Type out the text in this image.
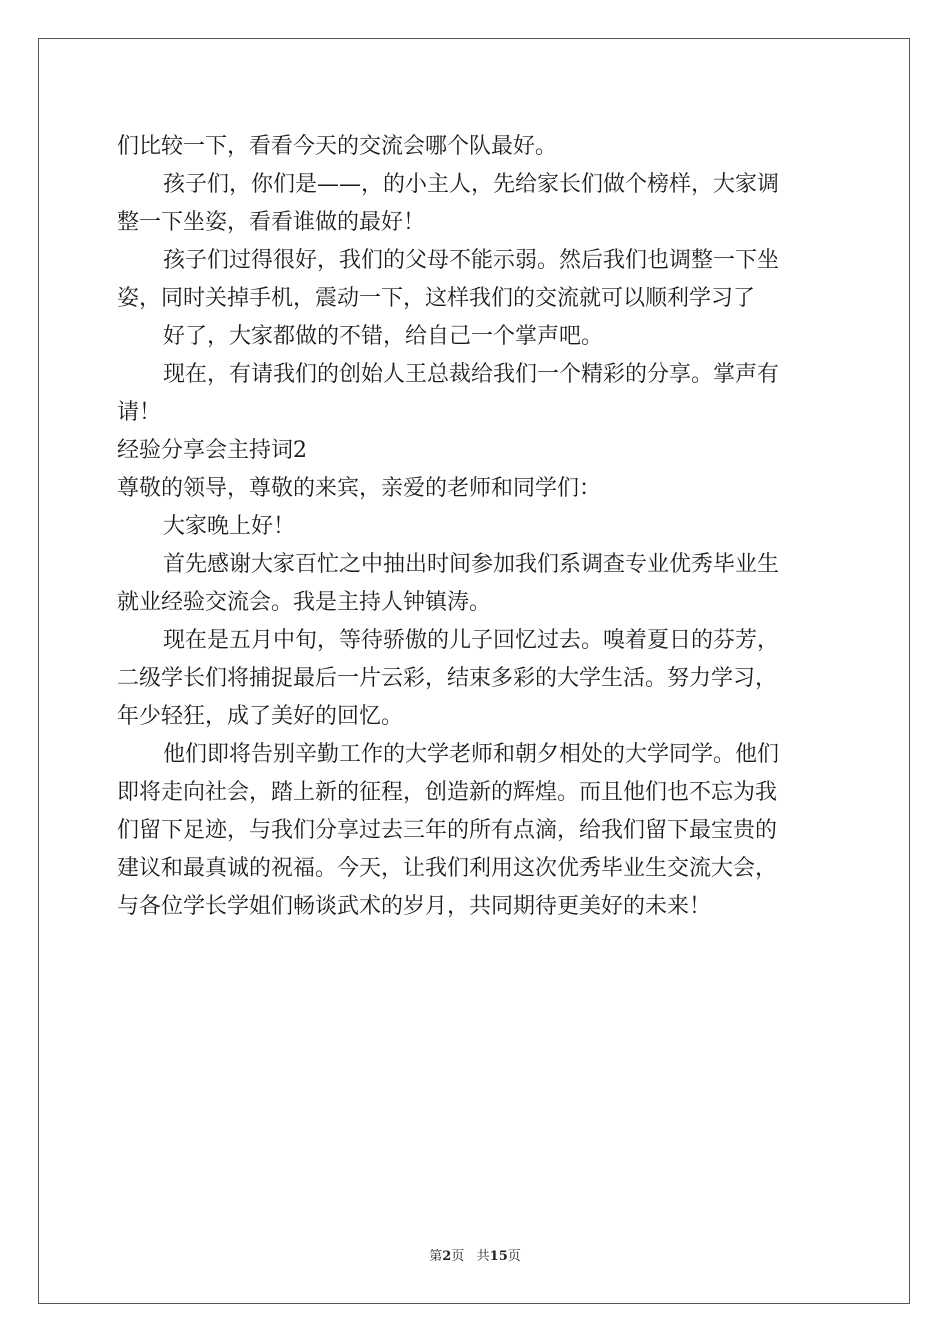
们比较一下，看看今天的交流会哪个队最好。
孩子们，你们是——，的小主人，先给家长们做个榜样，大家调
整一下坐姿，看看谁做的最好！
孩子们过得很好，我们的父母不能示弱。然后我们也调整一下坐
姿，同时关掉手机，震动一下，这样我们的交流就可以顺利学习了
好了，大家都做的不错，给自己一个掌声吧。
现在，有请我们的创始人王总裁给我们一个精彩的分享。掌声有
请！
经验分享会主持词2
尊敬的领导，尊敬的来宾，亲爱的老师和同学们：
大家晚上好！
首先感谢大家百忙之中抽出时间参加我们系调查专业优秀毕业生
就业经验交流会。我是主持人钟镇涛。
现在是五月中旬，等待骄傲的儿子回忆过去。嗅着夏日的芬芳，
二级学长们将捕捉最后一片云彩，结束多彩的大学生活。努力学习，
年少轻狂，成了美好的回忆。
他们即将告别辛勤工作的大学老师和朝夕相处的大学同学。他们
即将走向社会，踏上新的征程，创造新的辉煌。而且他们也不忘为我
们留下足迹，与我们分享过去三年的所有点滴，给我们留下最宝贵的
建议和最真诚的祝福。今天，让我们利用这次优秀毕业生交流大会，
与各位学长学姐们畅谈武术的岁月，共同期待更美好的未来！
第2页   共15页
